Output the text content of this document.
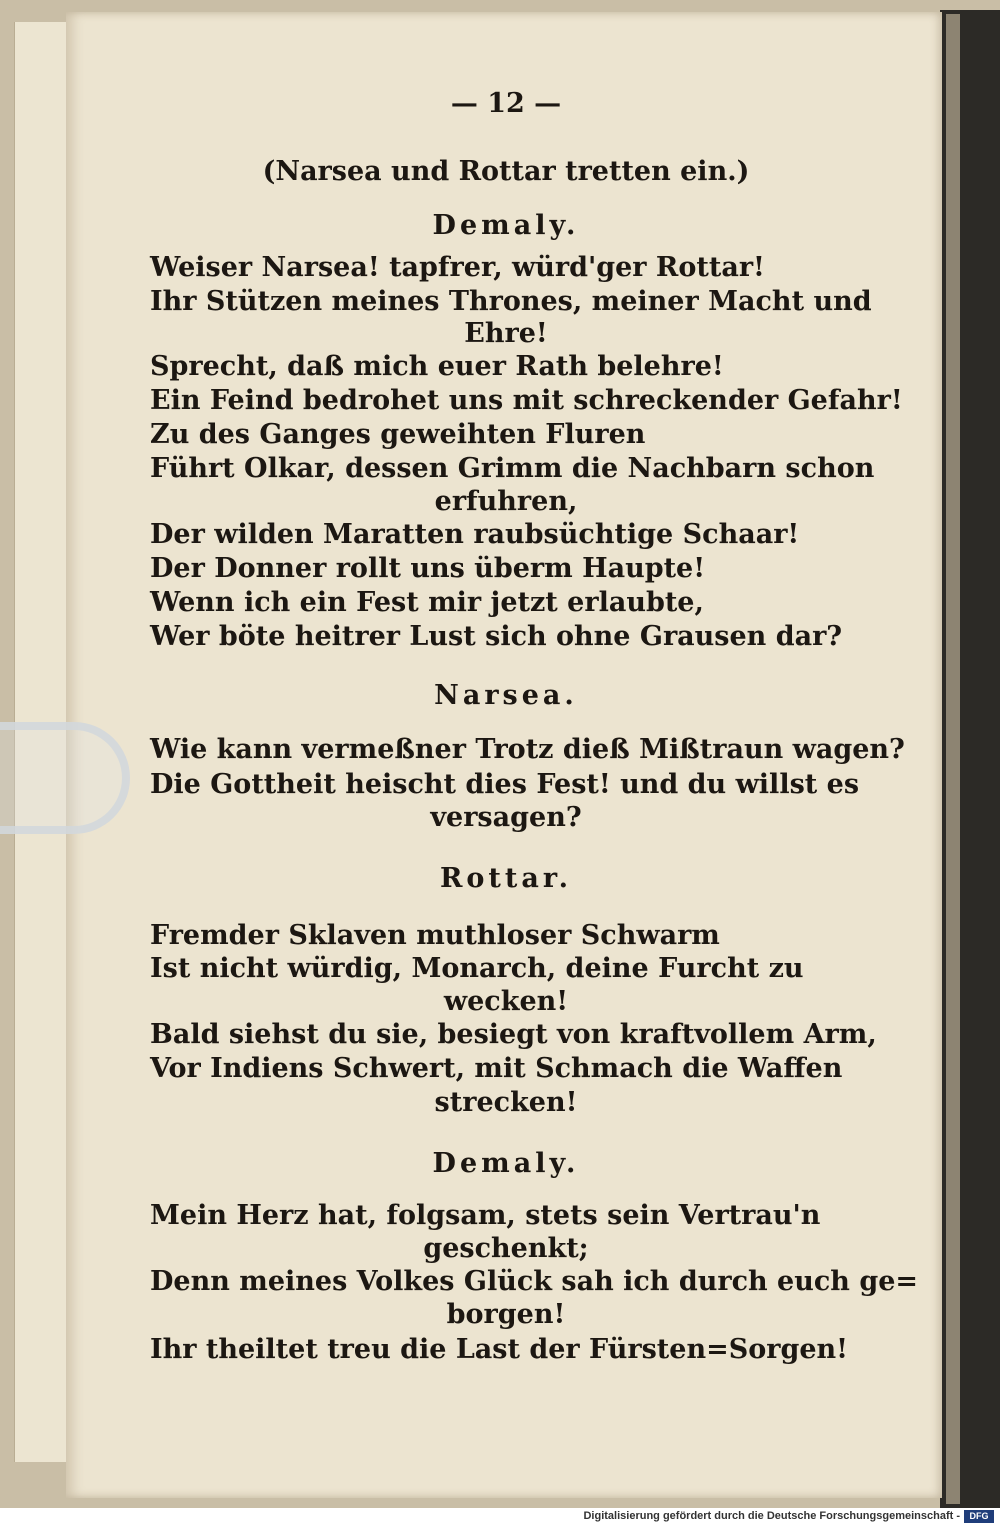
— 12 —
(Narsea und Rottar tretten ein.)
Demaly.
Weiser Narsea! tapfrer, würd'ger Rottar!
Ihr Stützen meines Thrones, meiner Macht und
Ehre!
Sprecht, daß mich euer Rath belehre!
Ein Feind bedrohet uns mit schreckender Gefahr!
Zu des Ganges geweihten Fluren
Führt Olkar, dessen Grimm die Nachbarn schon
erfuhren,
Der wilden Maratten raubsüchtige Schaar!
Der Donner rollt uns überm Haupte!
Wenn ich ein Fest mir jetzt erlaubte,
Wer böte heitrer Lust sich ohne Grausen dar?
Narsea.
Wie kann vermeßner Trotz dieß Mißtraun wagen?
Die Gottheit heischt dies Fest! und du willst es
versagen?
Rottar.
Fremder Sklaven muthloser Schwarm
Ist nicht würdig, Monarch, deine Furcht zu
wecken!
Bald siehst du sie, besiegt von kraftvollem Arm,
Vor Indiens Schwert, mit Schmach die Waffen
strecken!
Demaly.
Mein Herz hat, folgsam, stets sein Vertrau'n
geschenkt;
Denn meines Volkes Glück sah ich durch euch ge=
borgen!
Ihr theiltet treu die Last der Fürsten=Sorgen!
Digitalisierung gefördert durch die Deutsche Forschungsgemeinschaft -	DFG
